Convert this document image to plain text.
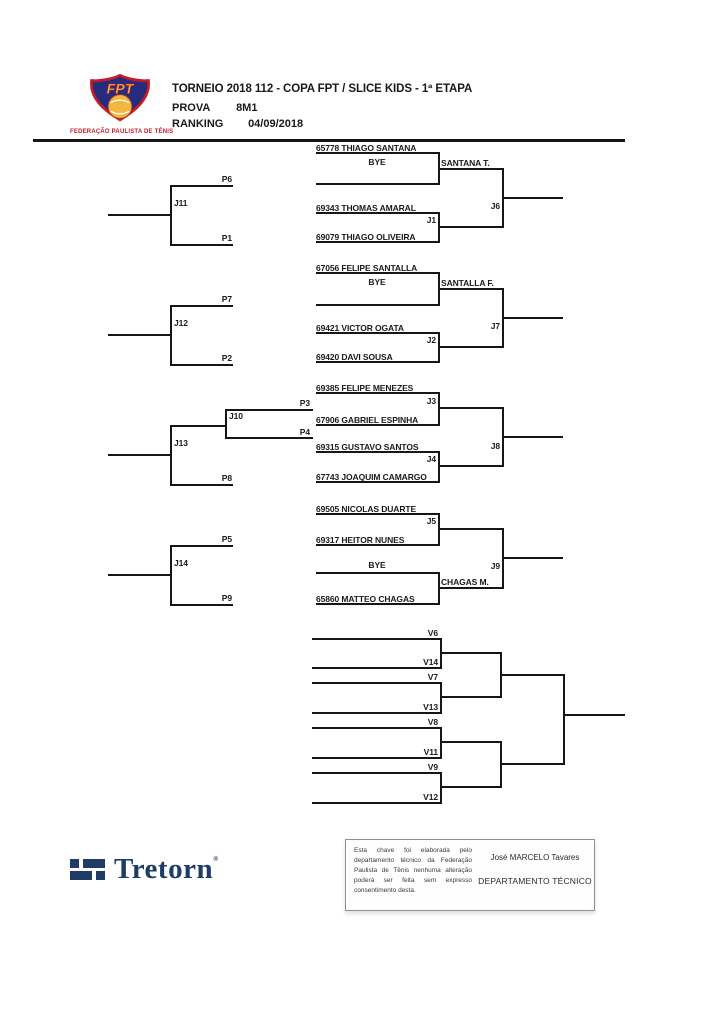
FPT
FEDERAÇÃO PAULISTA DE TÊNIS
TORNEIO 2018 112 - COPA FPT / SLICE KIDS - 1ª ETAPA
PROVA 8M1
RANKING 04/09/2018
65778 THIAGO SANTANA
BYE	SANTANA T.
69343 THOMAS AMARAL
J1
69079 THIAGO OLIVEIRA
J6
P6
J11
P1
67056 FELIPE SANTALLA
BYE	SANTALLA F.
69421 VICTOR OGATA
J2
69420 DAVI SOUSA
J7
P7
J12
P2
69385 FELIPE MENEZES
P3
67906 GABRIEL ESPINHA
J3
P4
69315 GUSTAVO SANTOS
J4
67743 JOAQUIM CAMARGO
J8
J10
J13
P8
69505 NICOLAS DUARTE
J5
69317 HEITOR NUNES
BYE
CHAGAS M.
65860 MATTEO CHAGAS
J9
P5
J14
P9
V6
V14
V7
V13
V8
V11
V9
V12
Tretorn®
Esta chave foi elaborada pelo departamento técnico da Federação Paulista de Tênis nenhuma alteração poderá ser feita sem expresso consentimento desta.
José MARCELO Tavares
DEPARTAMENTO TÉCNICO
